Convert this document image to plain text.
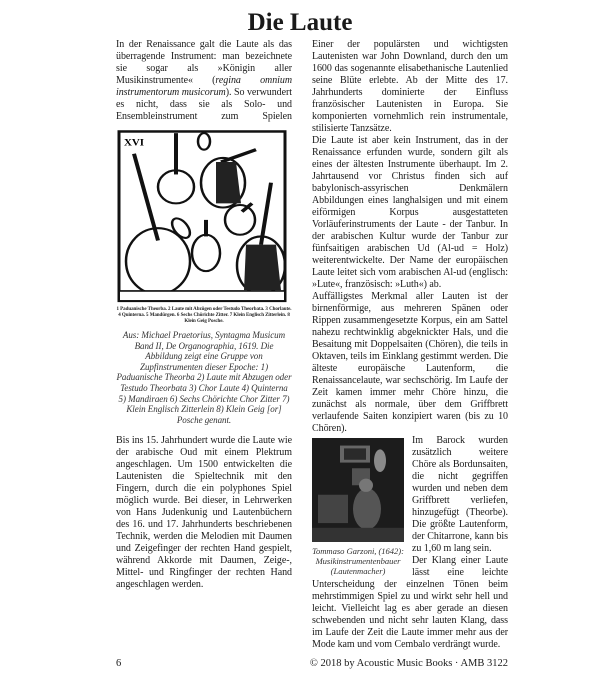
Die Laute

In der Renaissance galt die Laute als das überragende Instrument: man bezeichnete sie sogar als »Königin aller Musikinstrumente« (regina omnium instrumentorum musicorum). So verwundert es nicht, dass sie als Solo- und Ensembleinstrument zum Spielen

XVI
1 Paduanische Theorba. 2 Laute mit Abzügen oder Testudo Theorbata. 3 Chorlaute. 4 Quinterna. 5 Mandürgen. 6 Sechs Chörichte Zitter. 7 Klein Englisch Zitterlein. 8 Klein Geig Posche.
Aus: Michael Praetorius, Syntagma Musicum Band II, De Organographia, 1619. Die Abbildung zeigt eine Gruppe von Zupfinstrumenten dieser Epoche: 1) Paduanische Theorba 2) Laute mit Abzugen oder Testudo Theorbata 3) Chor Laute 4) Quinterna 5) Mandiraen 6) Sechs Chörichte Chor Zitter 7) Klein Englisch Zitterlein 8) Klein Geig [or] Posche genant.

Bis ins 15. Jahrhundert wurde die Laute wie der arabische Oud mit einem Plektrum angeschlagen. Um 1500 entwickelten die Lautenisten die Spieltechnik mit den Fingern, durch die ein polyphones Spiel möglich wurde. Bei dieser, in Lehrwerken von Hans Judenkunig und Lautenbüchern des 16. und 17. Jahrhunderts beschriebenen Technik, werden die Melodien mit Daumen und Zeigefinger der rechten Hand gespielt, während Akkorde mit Daumen, Zeige-, Mittel- und Ringfinger der rechten Hand angeschlagen werden.

Einer der populärsten und wichtigsten Lautenisten war John Downland, durch den um 1600 das sogenannte elisabethanische Lautenlied seine Blüte erlebte. Ab der Mitte des 17. Jahrhunderts dominierte der Einfluss französischer Lautenisten in Europa. Sie komponierten vornehmlich rein instrumentale, stilisierte Tanzsätze.

Die Laute ist aber kein Instrument, das in der Renaissance erfunden wurde, sondern gilt als eines der ältesten Instrumente überhaupt. Im 2. Jahrtausend vor Christus finden sich auf babylonisch-assyrischen Denkmälern Abbildungen eines langhalsigen und mit einem eiförmigen Korpus ausgestatteten Vorläuferinstruments der Laute - der Tanbur. In der arabischen Kultur wurde der Tanbur zur fünfsaitigen arabischen Ud (Al-ud = Holz) weiterentwickelte. Der Name der europäischen Laute leitet sich vom arabischen Al-ud (englisch: »Lute«, französisch: »Luth«) ab.

Auffälligstes Merkmal aller Lauten ist der birnenförmige, aus mehreren Spänen oder Rippen zusammengesetzte Korpus, ein am Sattel nahezu rechtwinklig abgeknickter Hals, und die Besaitung mit Doppelsaiten (Chören), die teils in Oktaven, teils im Einklang gestimmt werden. Die älteste europäische Lautenform, die Renaissancelaute, war sechschörig. Im Laufe der Zeit kamen immer mehr Chöre hinzu, die zunächst als normale, über dem Griffbrett verlaufende Saiten konzipiert waren (bis zu 10 Chören).

Tommaso Garzoni, (1642): Musikinstrumentenbauer (Lautenmacher)

Im Barock wurden zusätzlich weitere Chöre als Bordunsaiten, die nicht gegriffen wurden und neben dem Griffbrett verliefen, hinzugefügt (Theorbe). Die größte Lautenform, der Chitarrone, kann bis zu 1,60 m lang sein.

Der Klang einer Laute lässt eine leichte Unterscheidung der einzelnen Tönen beim mehrstimmigen Spiel zu und wirkt sehr hell und leicht. Vielleicht lag es aber gerade an diesen schwebenden und nicht sehr lauten Klang, dass im Laufe der Zeit die Laute immer mehr aus der Mode kam und vom Cembalo verdrängt wurde.

6	© 2018 by Acoustic Music Books · AMB 3122
